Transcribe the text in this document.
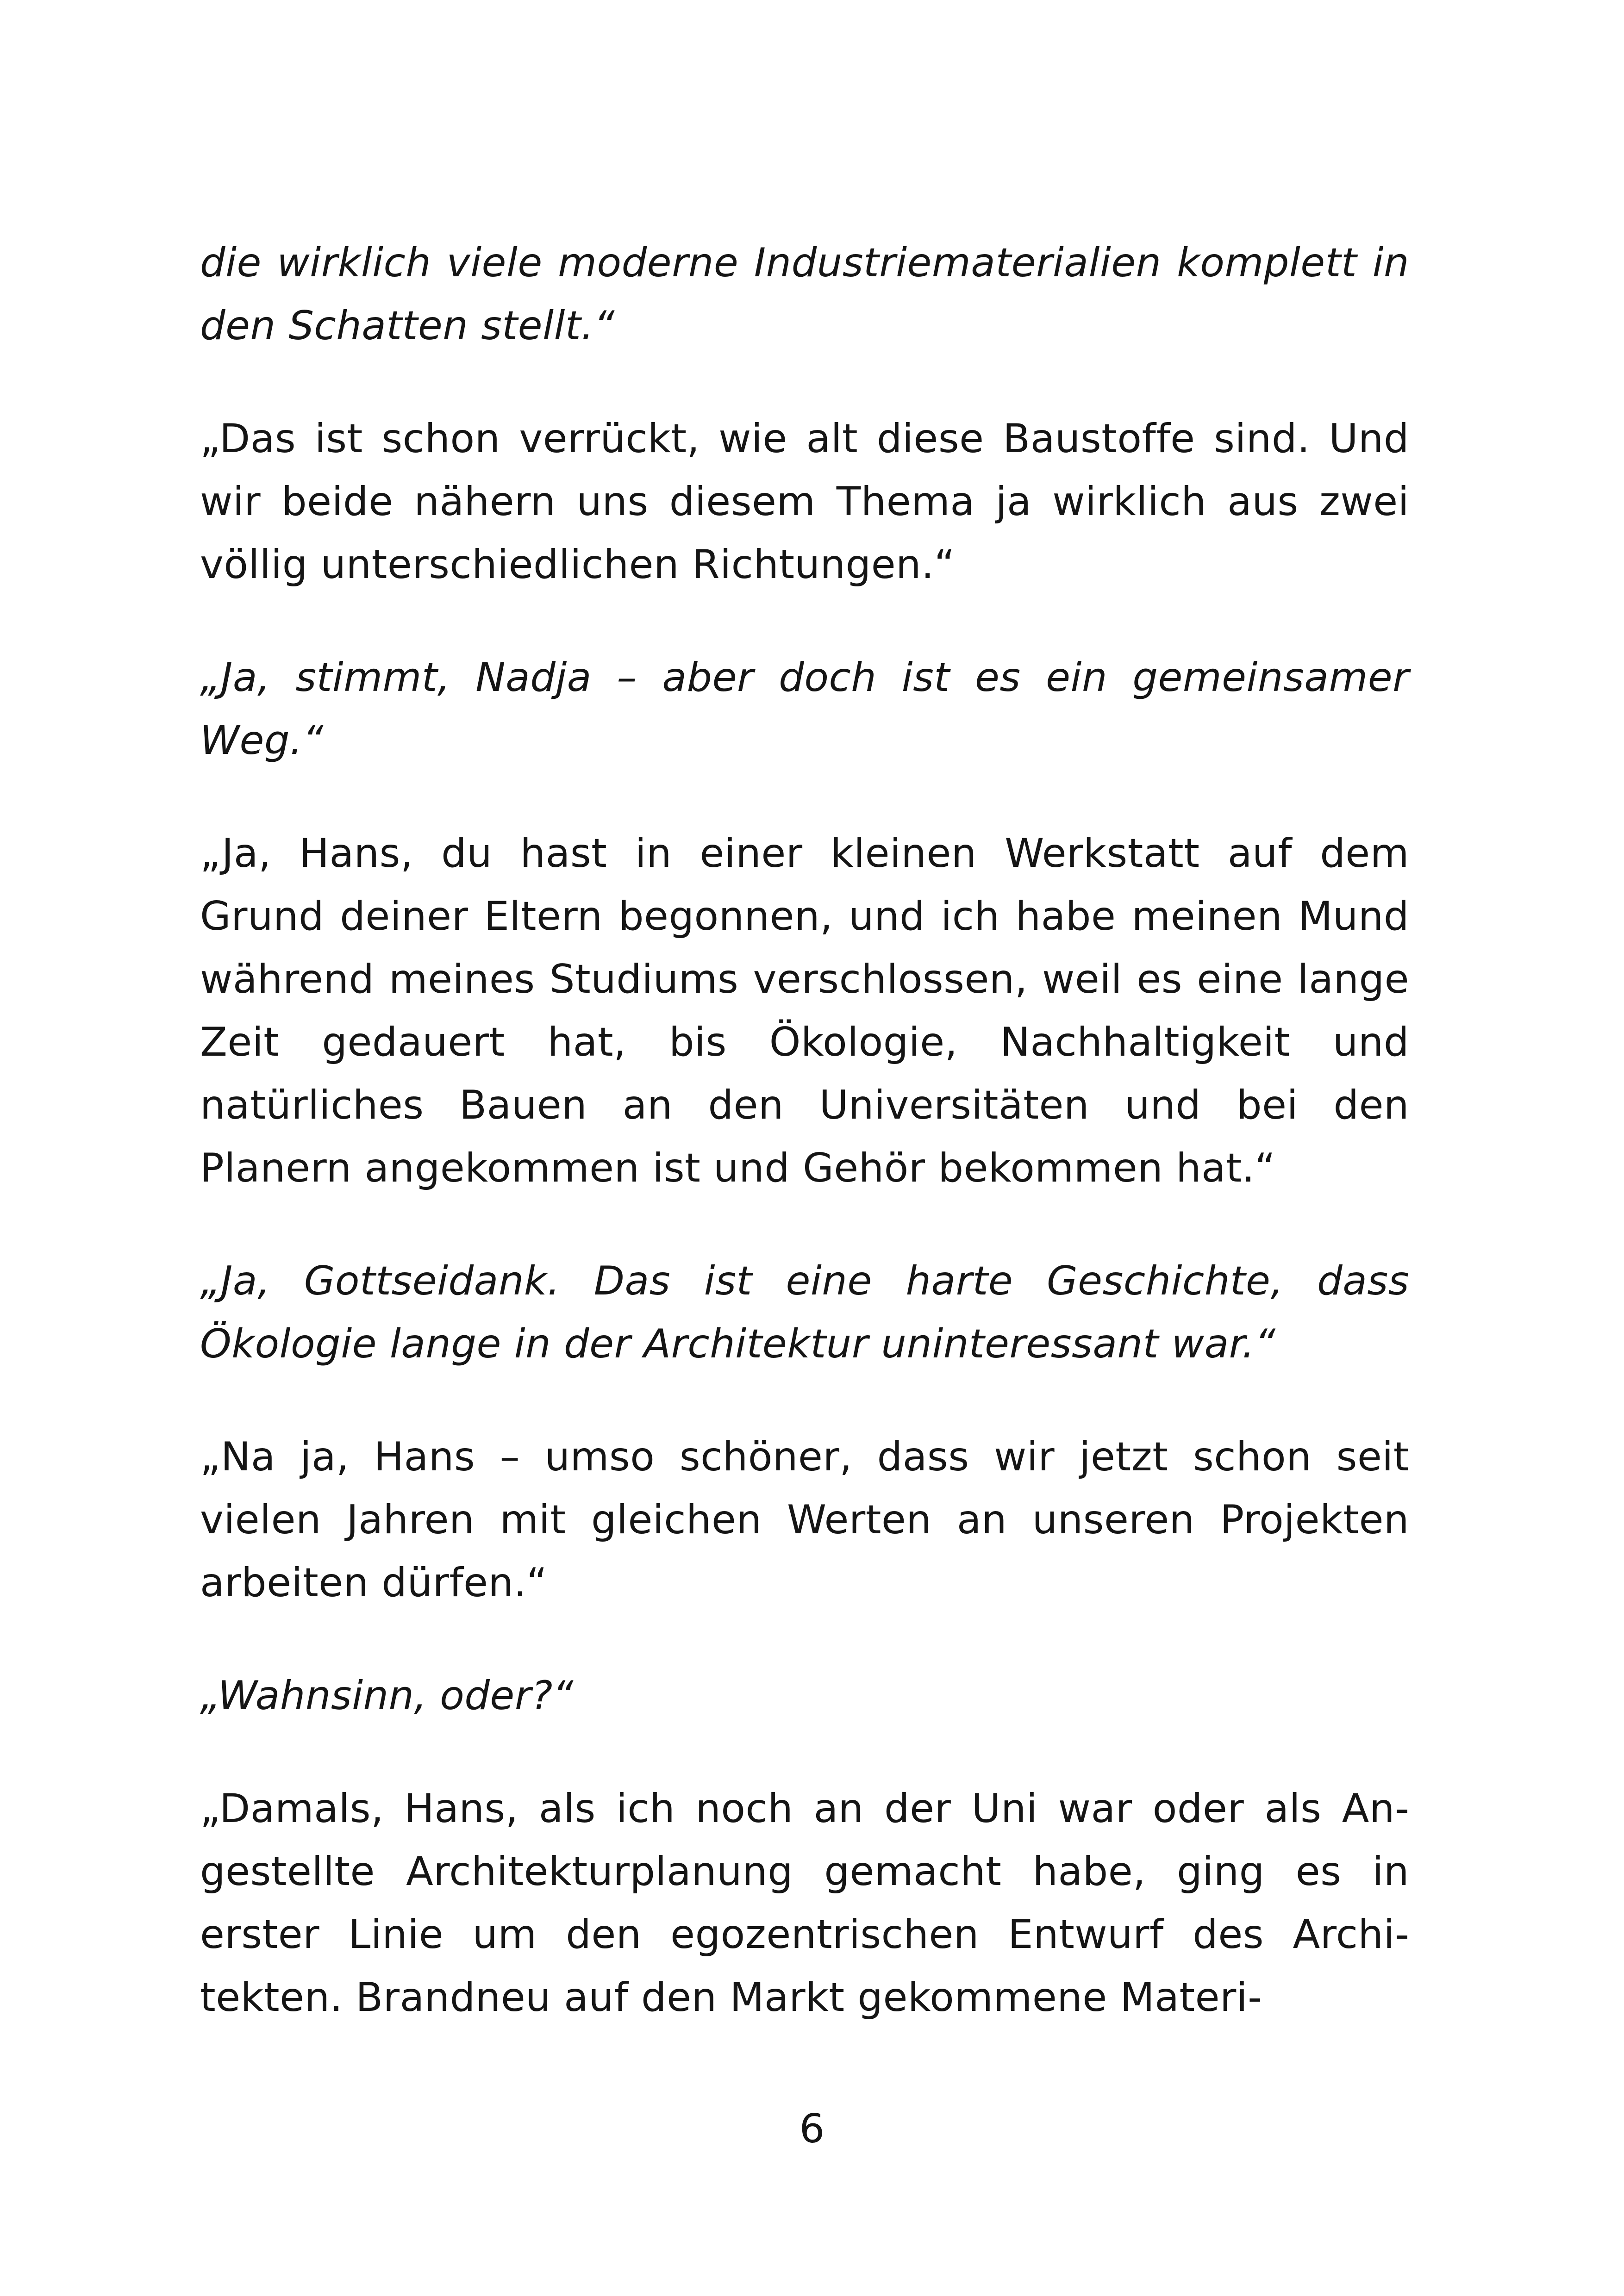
die wirklich viele moderne Industriematerialien komplett in den Schatten stellt.“

„Das ist schon verrückt, wie alt diese Baustoffe sind. Und wir beide nähern uns diesem Thema ja wirklich aus zwei völlig unterschiedlichen Richtungen.“

„Ja, stimmt, Nadja – aber doch ist es ein gemeinsamer Weg.“

„Ja, Hans, du hast in einer kleinen Werkstatt auf dem Grund deiner Eltern begonnen, und ich habe meinen Mund während meines Studiums verschlossen, weil es eine lange Zeit gedauert hat, bis Ökologie, Nachhaltigkeit und natürliches Bauen an den Universitäten und bei den Planern angekommen ist und Gehör bekommen hat.“

„Ja, Gottseidank. Das ist eine harte Geschichte, dass Ökologie lange in der Architektur uninteressant war.“

„Na ja, Hans – umso schöner, dass wir jetzt schon seit vielen Jahren mit gleichen Werten an unseren Projekten arbeiten dürfen.“

„Wahnsinn, oder?“

„Damals, Hans, als ich noch an der Uni war oder als Angestellte Architekturplanung gemacht habe, ging es in erster Linie um den egozentrischen Entwurf des Architekten. Brandneu auf den Markt gekommene Materi-

6
